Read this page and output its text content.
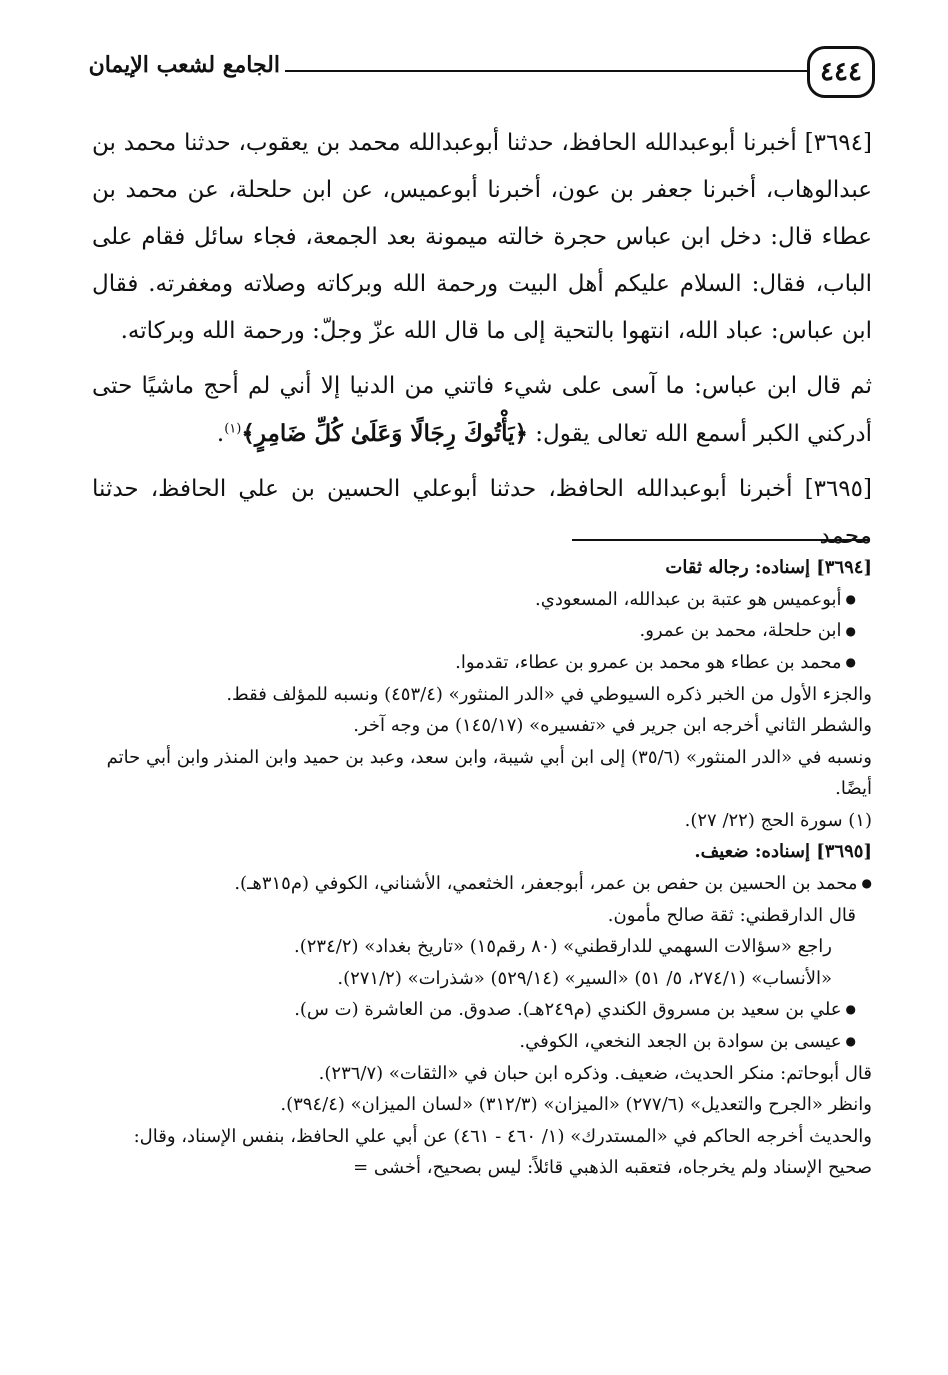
٤٤٤
الجامع لشعب الإيمان

[٣٦٩٤] أخبرنا أبوعبدالله الحافظ، حدثنا أبوعبدالله محمد بن يعقوب، حدثنا محمد بن عبدالوهاب، أخبرنا جعفر بن عون، أخبرنا أبوعميس، عن ابن حلحلة، عن محمد بن عطاء قال: دخل ابن عباس حجرة خالته ميمونة بعد الجمعة، فجاء سائل فقام على الباب، فقال: السلام عليكم أهل البيت ورحمة الله وبركاته وصلاته ومغفرته. فقال ابن عباس: عباد الله، انتهوا بالتحية إلى ما قال الله عزّ وجلّ: ورحمة الله وبركاته.

ثم قال ابن عباس: ما آسى على شيء فاتني من الدنيا إلا أني لم أحج ماشيًا حتى أدركني الكبر أسمع الله تعالى يقول: ﴿يَأْتُوكَ رِجَالًا وَعَلَىٰ كُلِّ ضَامِرٍ﴾$^{(١)}$.

[٣٦٩٥] أخبرنا أبوعبدالله الحافظ، حدثنا أبوعلي الحسين بن علي الحافظ، حدثنا محمد

[٣٦٩٤] إسناده: رجاله ثقات

● أبوعميس هو عتبة بن عبدالله، المسعودي.

● ابن حلحلة، محمد بن عمرو.

● محمد بن عطاء هو محمد بن عمرو بن عطاء، تقدموا.

والجزء الأول من الخبر ذكره السيوطي في «الدر المنثور» (٤٥٣/٤) ونسبه للمؤلف فقط.

والشطر الثاني أخرجه ابن جرير في «تفسيره» (١٤٥/١٧) من وجه آخر.

ونسبه في «الدر المنثور» (٣٥/٦) إلى ابن أبي شيبة، وابن سعد، وعبد بن حميد وابن المنذر وابن أبي حاتم أيضًا.

(١) سورة الحج (٢٢/ ٢٧).

[٣٦٩٥] إسناده: ضعيف.

● محمد بن الحسين بن حفص بن عمر، أبوجعفر، الخثعمي، الأشناني، الكوفي (م٣١٥هـ).

قال الدارقطني: ثقة صالح مأمون.

راجع «سؤالات السهمي للدارقطني» (٨٠ رقم١٥) «تاريخ بغداد» (٢٣٤/٢).

«الأنساب» (٢٧٤/١، ٥/ ٥١) «السير» (٥٢٩/١٤) «شذرات» (٢٧١/٢).

● علي بن سعيد بن مسروق الكندي (م٢٤٩هـ). صدوق. من العاشرة (ت س).

● عيسى بن سوادة بن الجعد النخعي، الكوفي.

قال أبوحاتم: منكر الحديث، ضعيف. وذكره ابن حبان في «الثقات» (٢٣٦/٧).

وانظر «الجرح والتعديل» (٢٧٧/٦) «الميزان» (٣١٢/٣) «لسان الميزان» (٣٩٤/٤).

والحديث أخرجه الحاكم في «المستدرك» (١/ ٤٦٠ - ٤٦١) عن أبي علي الحافظ، بنفس الإسناد، وقال: صحيح الإسناد ولم يخرجاه، فتعقبه الذهبي قائلاً: ليس بصحيح، أخشى =
